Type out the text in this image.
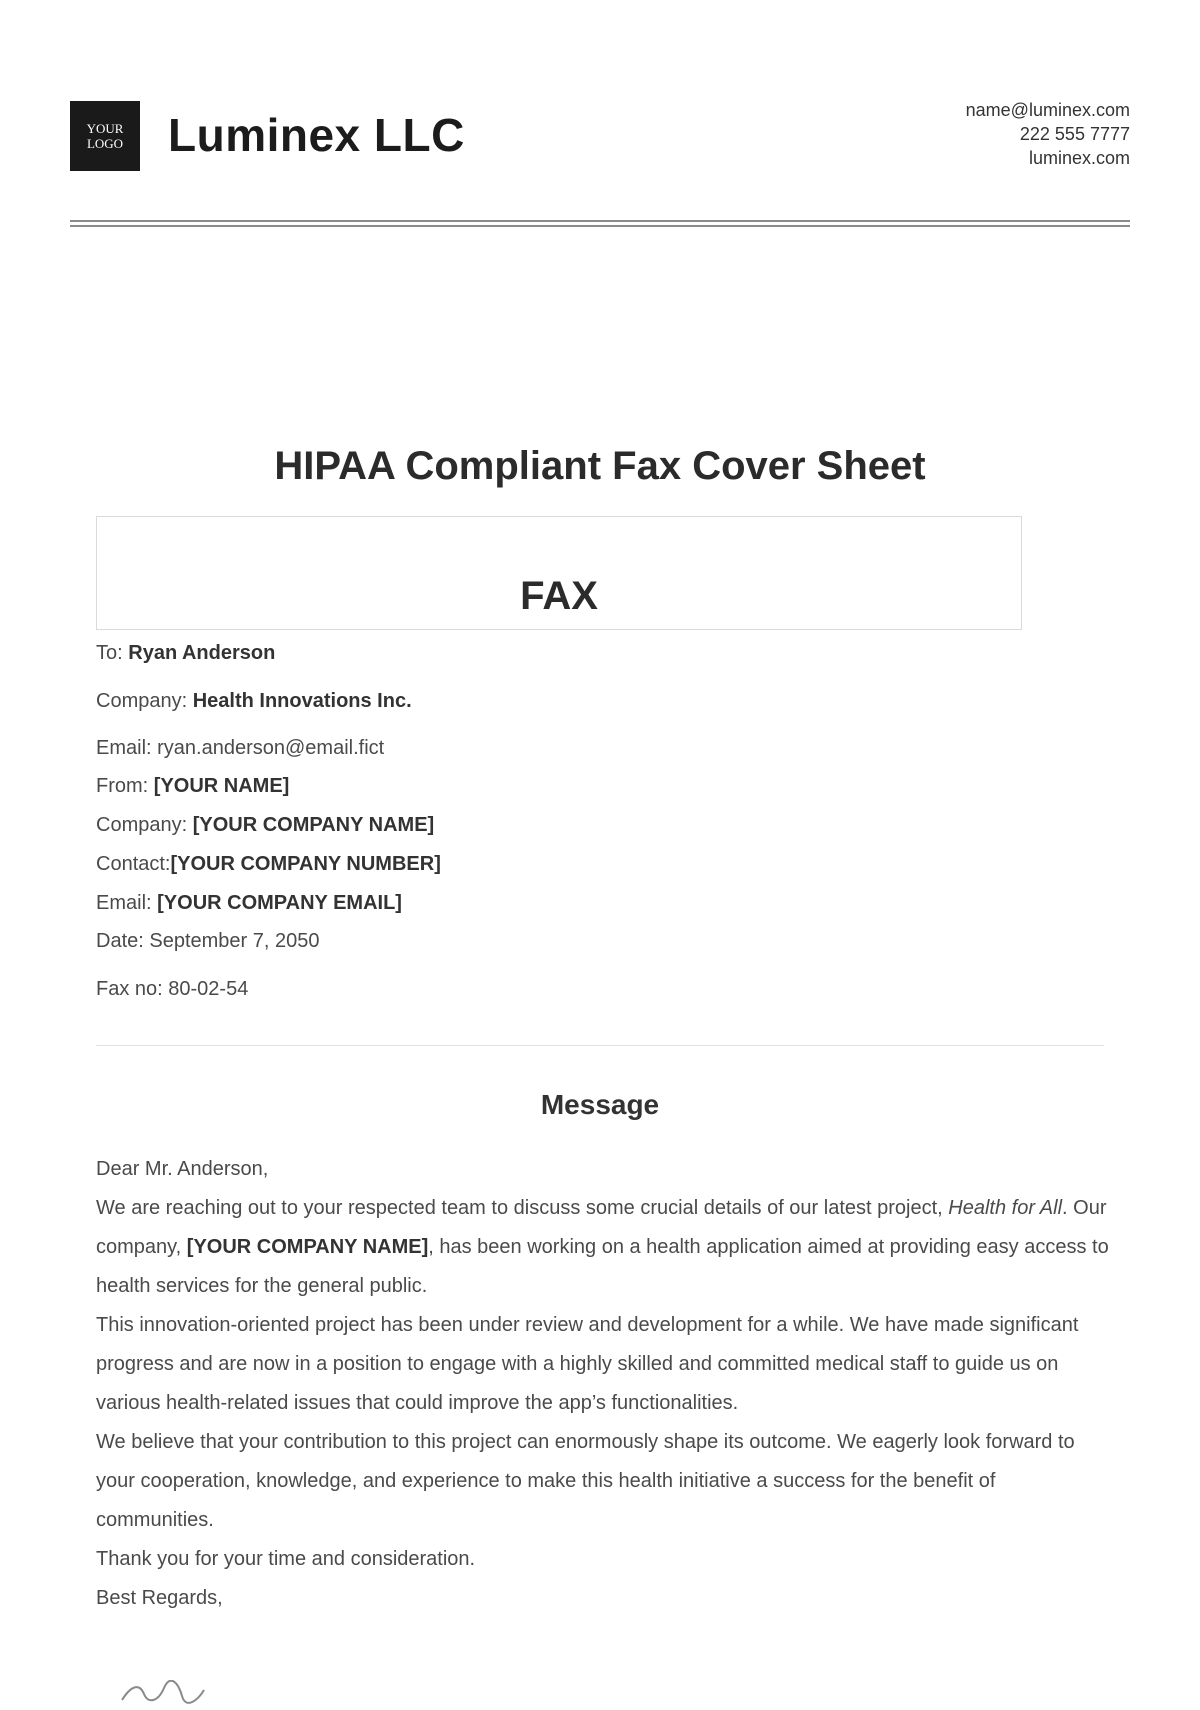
YOUR
LOGO Luminex LLC	name@luminex.com
222 555 7777
luminex.com
HIPAA Compliant Fax Cover Sheet
FAX
To: Ryan Anderson
Company: Health Innovations Inc.
Email: ryan.anderson@email.fict
From: [YOUR NAME]
Company: [YOUR COMPANY NAME]
Contact:[YOUR COMPANY NUMBER]
Email: [YOUR COMPANY EMAIL]
Date: September 7, 2050
Fax no: 80-02-54
Message

Dear Mr. Anderson,

We are reaching out to your respected team to discuss some crucial details of our latest project, Health for All. Our company, [YOUR COMPANY NAME], has been working on a health application aimed at providing easy access to health services for the general public.

This innovation-oriented project has been under review and development for a while. We have made significant progress and are now in a position to engage with a highly skilled and committed medical staff to guide us on various health-related issues that could improve the app’s functionalities.

We believe that your contribution to this project can enormously shape its outcome. We eagerly look forward to your cooperation, knowledge, and experience to make this health initiative a success for the benefit of communities.

Thank you for your time and consideration.

Best Regards,
